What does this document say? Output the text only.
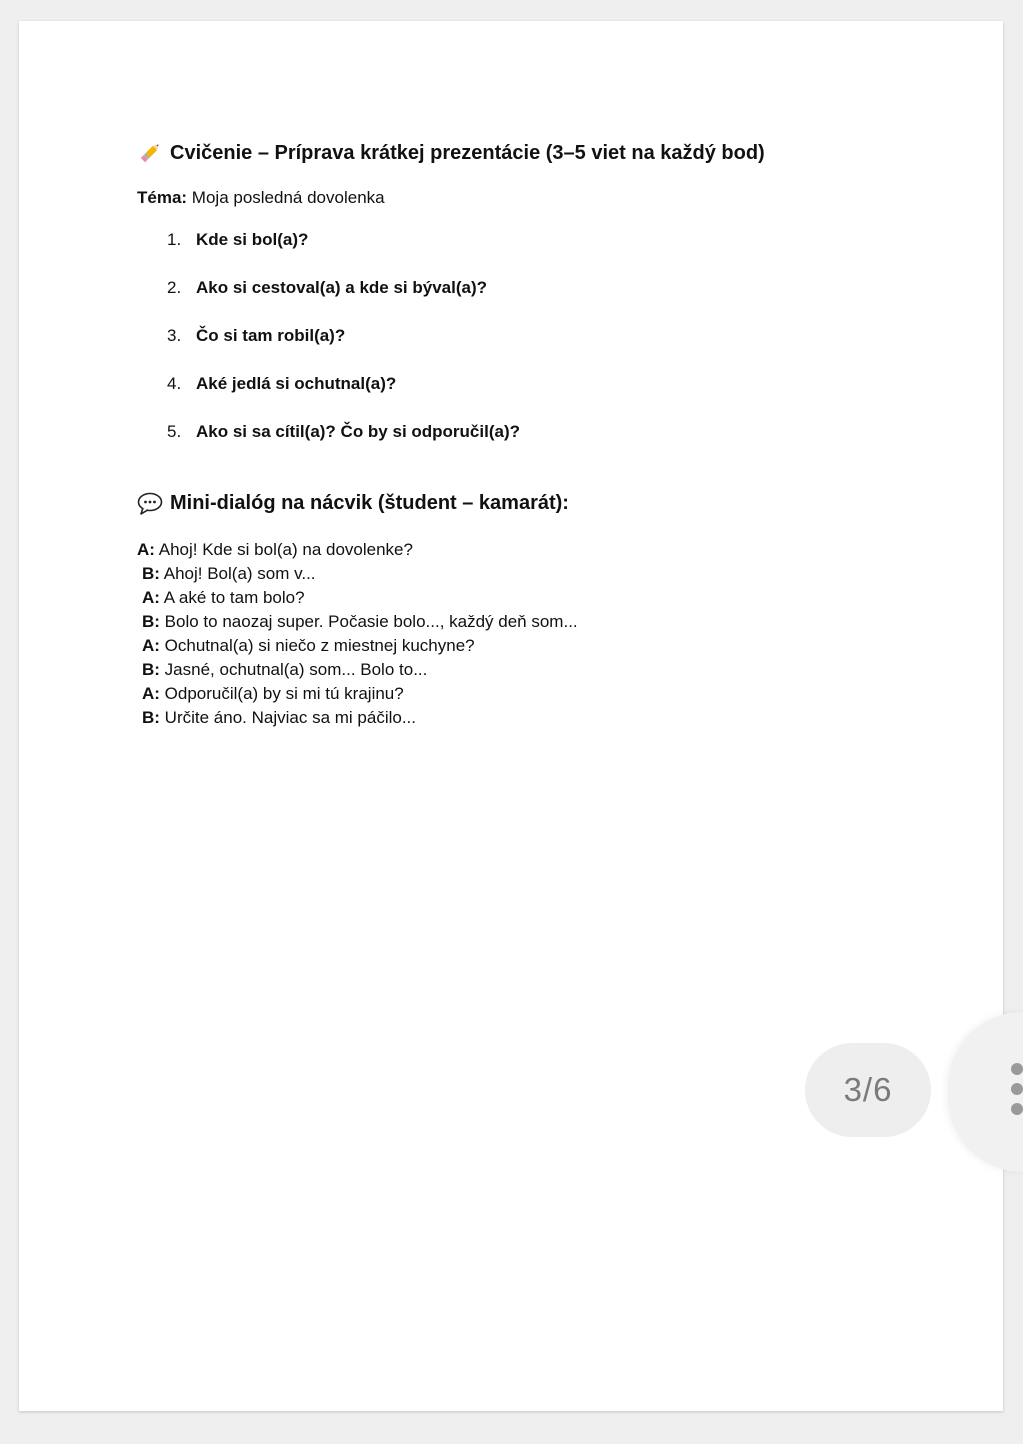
Cvičenie – Príprava krátkej prezentácie (3–5 viet na každý bod)
Téma: Moja posledná dovolenka
1. Kde si bol(a)?
2. Ako si cestoval(a) a kde si býval(a)?
3. Čo si tam robil(a)?
4. Aké jedlá si ochutnal(a)?
5. Ako si sa cítil(a)? Čo by si odporučil(a)?
Mini-dialóg na nácvik (študent – kamarát):
A: Ahoj! Kde si bol(a) na dovolenke?
B: Ahoj! Bol(a) som v...
A: A aké to tam bolo?
B: Bolo to naozaj super. Počasie bolo..., každý deň som...
A: Ochutnal(a) si niečo z miestnej kuchyne?
B: Jasné, ochutnal(a) som... Bolo to...
A: Odporučil(a) by si mi tú krajinu?
B: Určite áno. Najviac sa mi páčilo...
3/6
